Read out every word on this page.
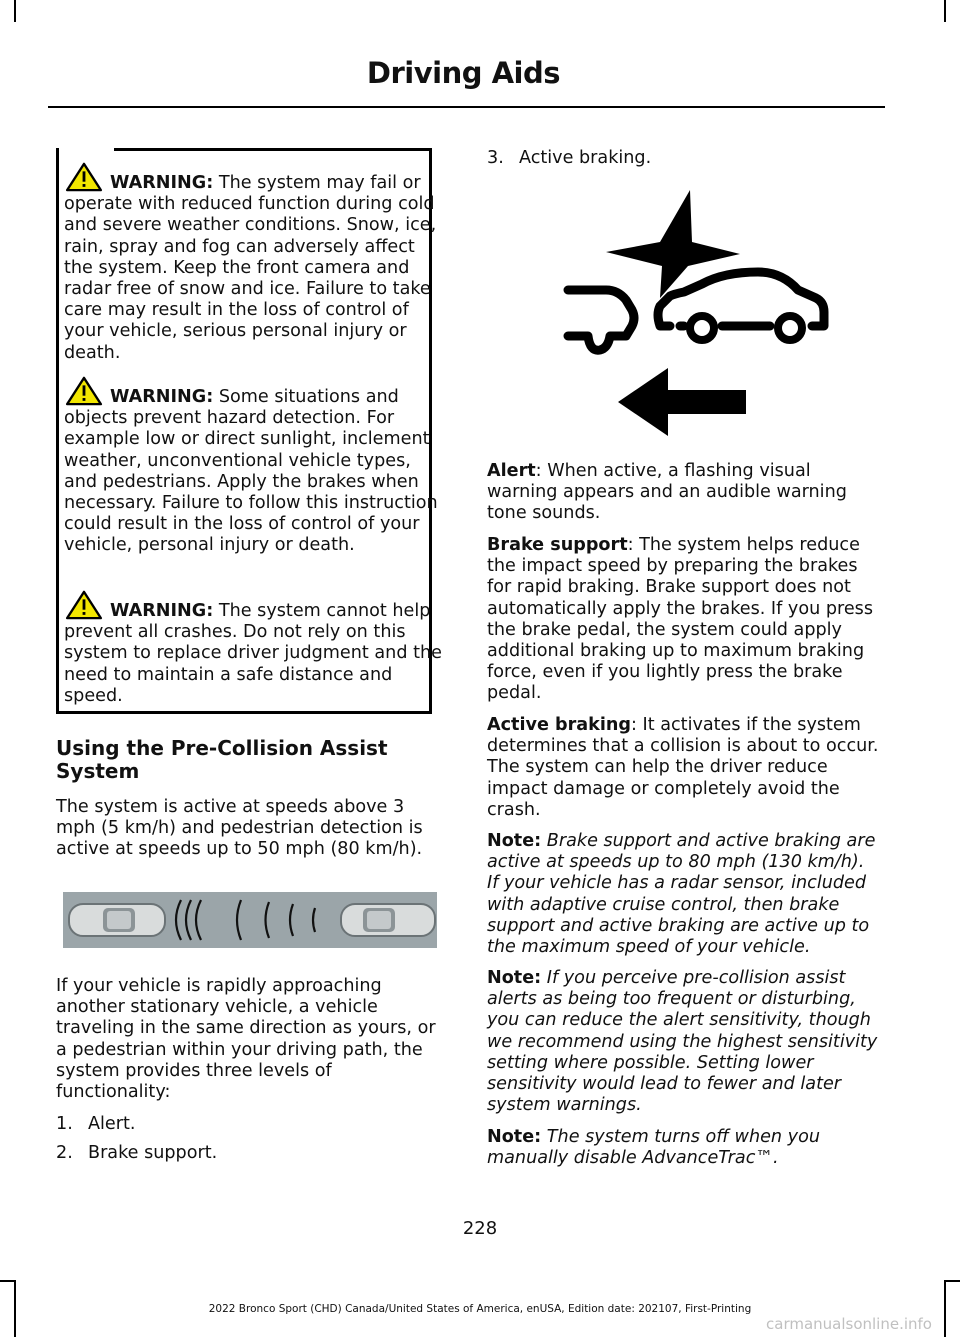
Driving Aids
WARNING: The system may fail or operate with reduced function during cold and severe weather conditions. Snow, ice, rain, spray and fog can adversely affect the system. Keep the front camera and radar free of snow and ice. Failure to take care may result in the loss of control of your vehicle, serious personal injury or death.
WARNING: Some situations and objects prevent hazard detection. For example low or direct sunlight, inclement weather, unconventional vehicle types, and pedestrians. Apply the brakes when necessary. Failure to follow this instruction could result in the loss of control of your vehicle, personal injury or death.
WARNING: The system cannot help prevent all crashes. Do not rely on this system to replace driver judgment and the need to maintain a safe distance and speed.
Using the Pre-Collision Assist
System

The system is active at speeds above 3 mph (5 km/h) and pedestrian detection is active at speeds up to 50 mph (80 km/h).

If your vehicle is rapidly approaching another stationary vehicle, a vehicle traveling in the same direction as yours, or a pedestrian within your driving path, the system provides three levels of functionality:

1. Alert.
2. Brake support.
3. Active braking.

Alert: When active, a flashing visual warning appears and an audible warning tone sounds.

Brake support: The system helps reduce the impact speed by preparing the brakes for rapid braking. Brake support does not automatically apply the brakes. If you press the brake pedal, the system could apply additional braking up to maximum braking force, even if you lightly press the brake pedal.

Active braking: It activates if the system determines that a collision is about to occur. The system can help the driver reduce impact damage or completely avoid the crash.

Note: Brake support and active braking are active at speeds up to 80 mph (130 km/h). If your vehicle has a radar sensor, included with adaptive cruise control, then brake support and active braking are active up to the maximum speed of your vehicle.

Note: If you perceive pre-collision assist alerts as being too frequent or disturbing, you can reduce the alert sensitivity, though we recommend using the highest sensitivity setting where possible. Setting lower sensitivity would lead to fewer and later system warnings.

Note: The system turns off when you manually disable AdvanceTrac™.

228
2022 Bronco Sport (CHD) Canada/United States of America, enUSA, Edition date: 202107, First-Printing
carmanualsonline.info
